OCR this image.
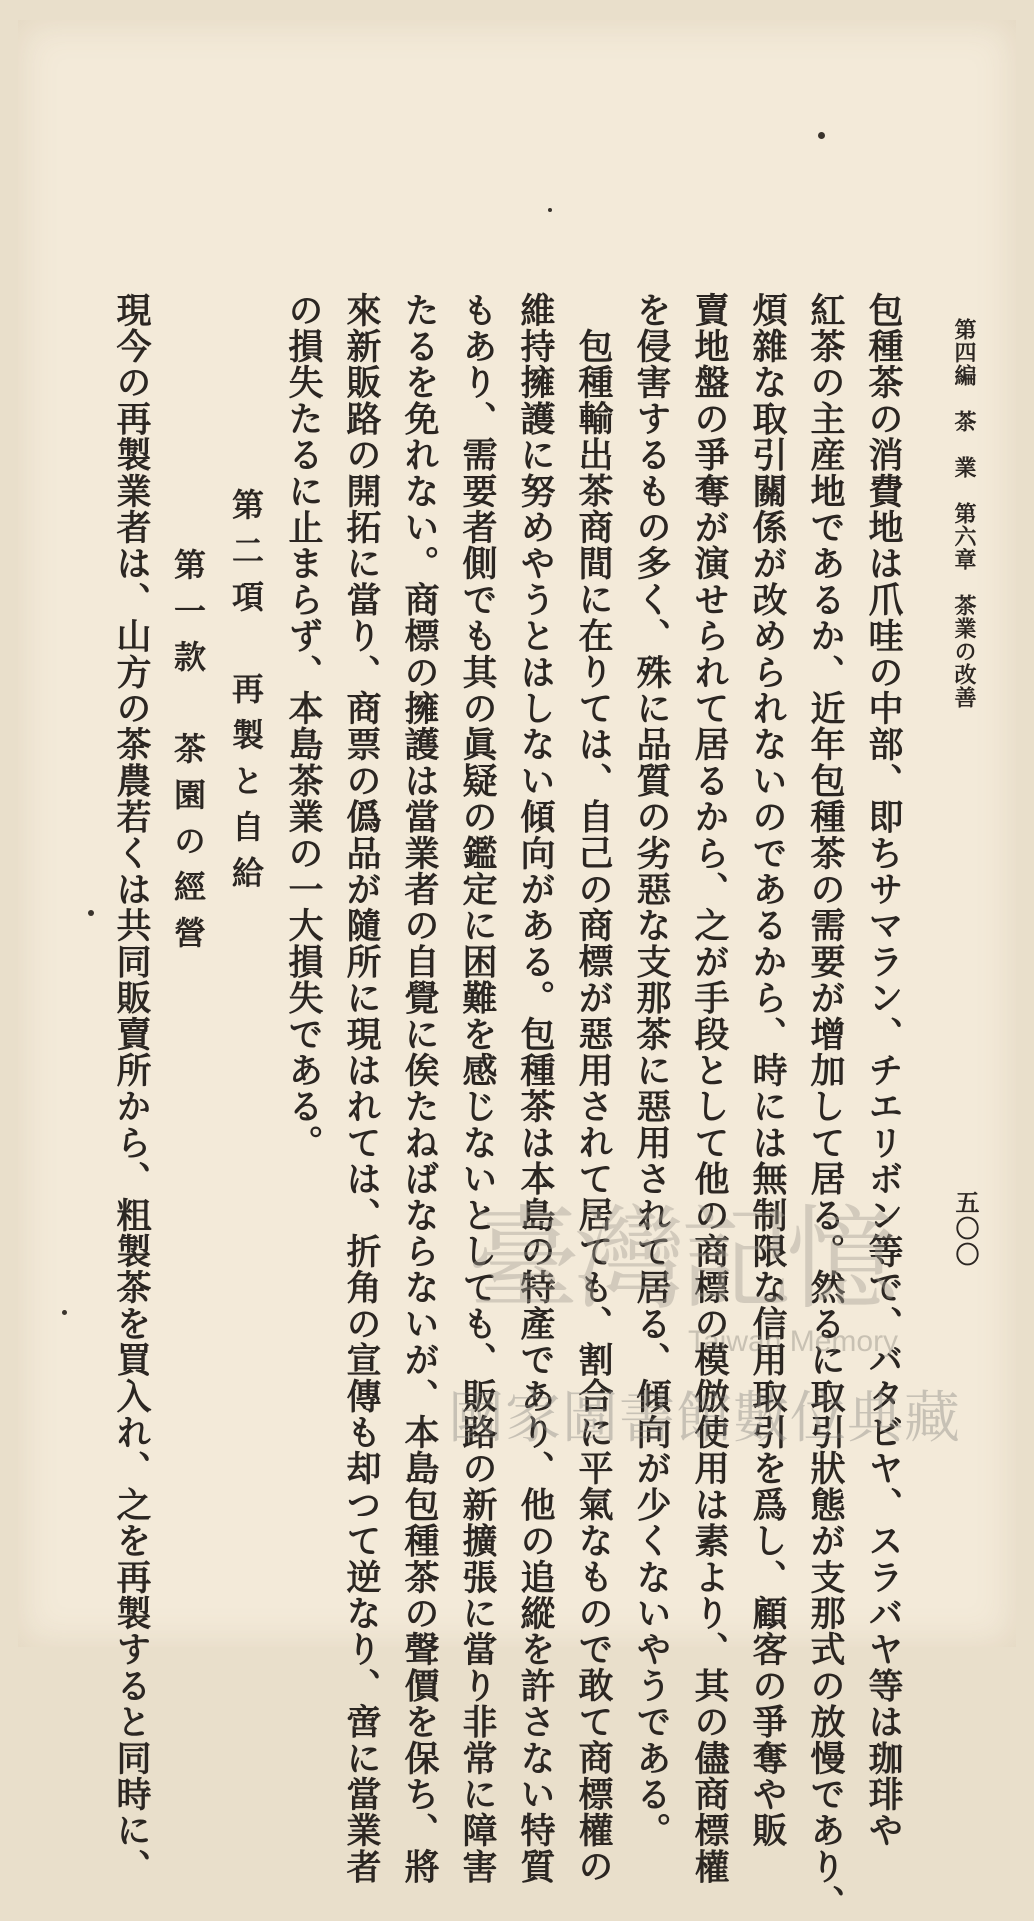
第四編　茶　業　第六章　茶業の改善
五〇〇
包種茶の消費地は爪哇の中部、即ちサマラン、チエリボン等で、バタビヤ、スラバヤ等は珈琲や
紅茶の主産地であるか、近年包種茶の需要が增加して居る。然るに取引狀態が支那式の放慢であり、
煩雜な取引關係が改められないのであるから、時には無制限な信用取引を爲し、顧客の爭奪や販
賣地盤の爭奪が演せられて居るから、之が手段として他の商標の模倣使用は素より、其の儘商標權
を侵害するもの多く、殊に品質の劣惡な支那茶に惡用されて居る、傾向が少くないやうである。
包種輸出茶商間に在りては、自己の商標が惡用されて居ても、割合に平氣なもので敢て商標權の
維持擁護に努めやうとはしない傾向がある。包種茶は本島の特產であり、他の追縱を許さない特質
もあり、需要者側でも其の眞疑の鑑定に困難を感じないとしても、販路の新擴張に當り非常に障害
たるを免れない。商標の擁護は當業者の自覺に俟たねばならないが、本島包種茶の聲價を保ち、將
來新販路の開拓に當り、商票の僞品が隨所に現はれては、折角の宣傳も却つて逆なり、啻に當業者
の損失たるに止まらず、本島茶業の一大損失である。
第二項　再製と自給
第一款　茶園の經營
現今の再製業者は、山方の茶農若くは共同販賣所から、粗製茶を買入れ、之を再製すると同時に、	臺灣記憶
Taiwan Memory
國家圖書館數位典藏
